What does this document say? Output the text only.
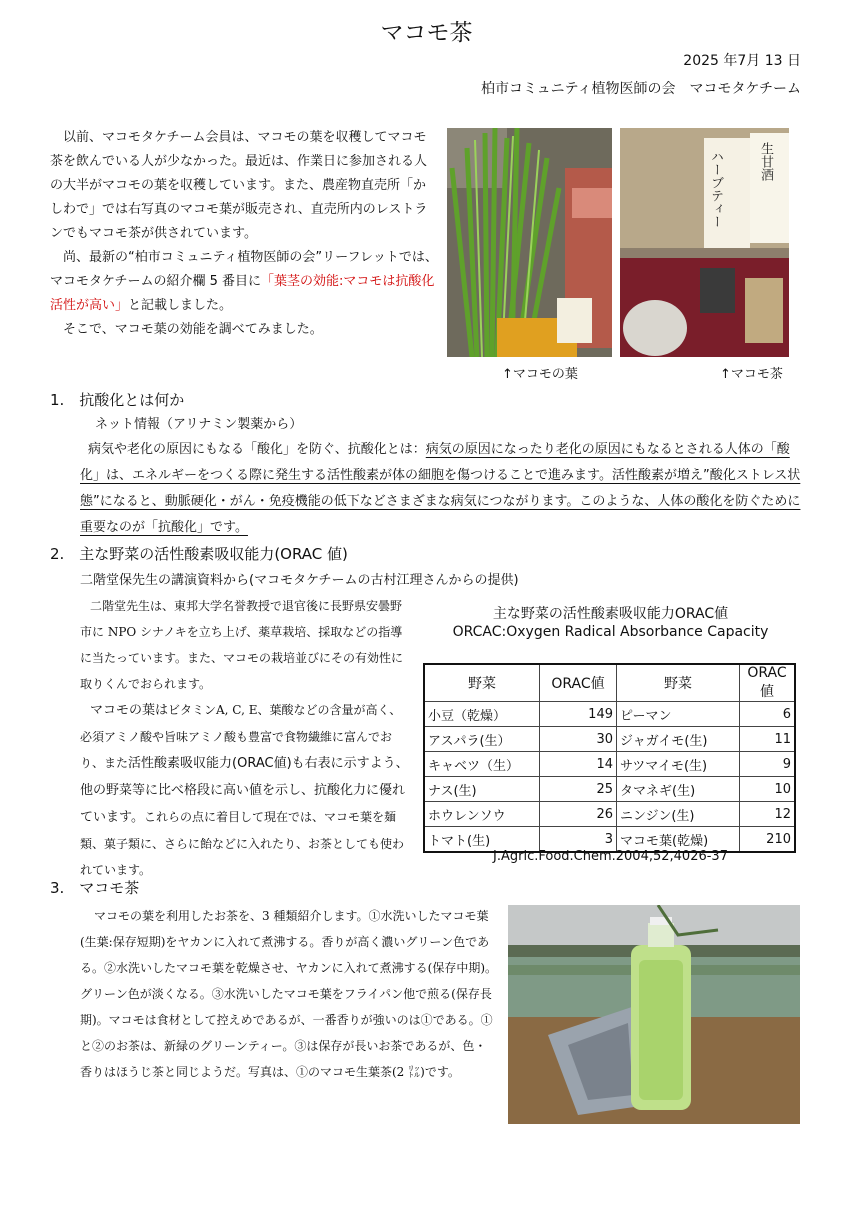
マコモ茶
2025 年7月 13 日
柏市コミュニティ植物医師の会　マコモタケチーム

以前、マコモタケチーム会員は、マコモの葉を収穫してマコモ茶を飲んでいる人が少なかった。最近は、作業日に参加される人の大半がマコモの葉を収穫しています。また、農産物直売所「かしわで」では右写真のマコモ葉が販売され、直売所内のレストランでもマコモ茶が供されています。

尚、最新の“柏市コミュニティ植物医師の会”リーフレットでは、マコモタケチームの紹介欄 5 番目に「葉茎の効能:マコモは抗酸化活性が高い」と記載しました。

そこで、マコモ葉の効能を調べてみました。

ハーブティー	生甘酒
↑マコモの葉	↑マコモ茶
1.　抗酸化とは何か
ネット情報（アリナミン製薬から）

病気や老化の原因にもなる「酸化」を防ぐ、抗酸化とは：病気の原因になったり老化の原因にもなるとされる人体の「酸化」は、エネルギーをつくる際に発生する活性酸素が体の細胞を傷つけることで進みます。活性酸素が増え”酸化ストレス状態”になると、動脈硬化・がん・免疫機能の低下などさまざまな病気につながります。このような、人体の酸化を防ぐために重要なのが「抗酸化」です。

2.　主な野菜の活性酸素吸収能力(ORAC 値)
二階堂保先生の講演資料から(マコモタケチームの古村江理さんからの提供)

二階堂先生は、東邦大学名誉教授で退官後に長野県安曇野市に NPO シナノキを立ち上げ、薬草栽培、採取などの指導に当たっています。また、マコモの栽培並びにその有効性に取りくんでおられます。

マコモの葉はビタミンA, C, E、葉酸などの含量が高く、必須アミノ酸や旨味アミノ酸も豊富で食物繊維に富んでおり、また活性酸素吸収能力(ORAC値)も右表に示すよう、他の野菜等に比べ格段に高い値を示し、抗酸化力に優れています。これらの点に着目して現在では、マコモ葉を麺類、菓子類に、さらに飴などに入れたり、お茶としても使われています。

主な野菜の活性酸素吸収能力ORAC値
ORCAC:Oxygen Radical Absorbance Capacity
野菜	ORAC値	野菜	ORAC値
小豆（乾燥）	149	ピーマン	6
アスパラ(生）	30	ジャガイモ(生)	11
キャベツ（生）	14	サツマイモ(生)	9
ナス(生)	25	タマネギ(生)	10
ホウレンソウ	26	ニンジン(生)	12
トマト(生)	3	マコモ葉(乾燥)	210
J.Agric.Food.Chem.2004,52,4026-37
3.　マコモ茶

マコモの葉を利用したお茶を、3 種類紹介します。①水洗いしたマコモ葉(生葉:保存短期)をヤカンに入れて煮沸する。香りが高く濃いグリーン色である。②水洗いしたマコモ葉を乾燥させ、ヤカンに入れて煮沸する(保存中期)。グリーン色が淡くなる。③水洗いしたマコモ葉をフライパン他で煎る(保存長期)。マコモは食材として控えめであるが、一番香りが強いのは①である。①と②のお茶は、新緑のグリーンティー。③は保存が長いお茶であるが、色・香りはほうじ茶と同じようだ。写真は、①のマコモ生葉茶(2 ㍑)です。
